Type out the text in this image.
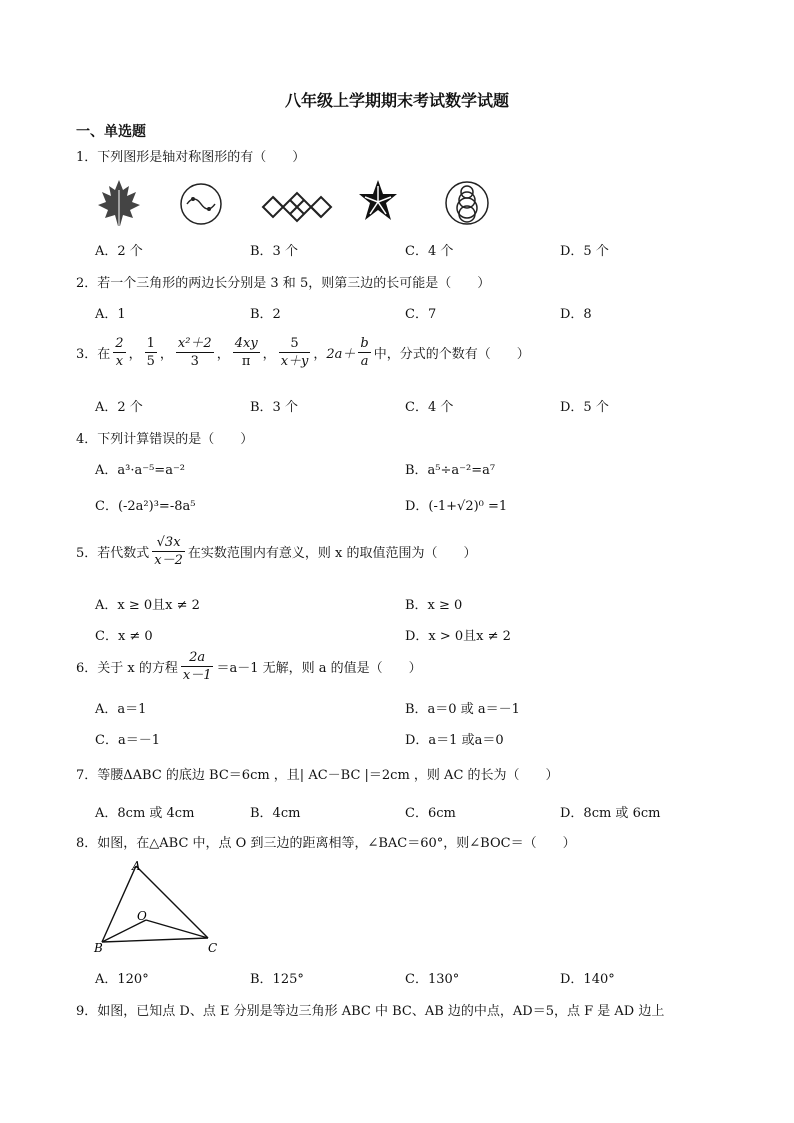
八年级上学期期末考试数学试题
一、单选题
1．下列图形是轴对称图形的有（　　）
A．2 个	B．3 个	C．4 个	D．5 个
2．若一个三角形的两边长分别是 3 和 5，则第三边的长可能是（　　）
A．1	B．2	C．7	D．8
3．在 $\frac{2}{x}$ ， $\frac{1}{5}$ ， $\frac{\text{x²＋2}}{3}$ ， $\frac{4xy}{\pi}$ ， $\frac{5}{x+y}$ ， $2a+ \frac{b}{a}$ 中，分式的个数有（　　）
A．2 个	B．3 个	C．4 个	D．5 个
4．下列计算错误的是（　　）
A．a³·a⁻⁵=a⁻²	B．a⁵÷a⁻²=a⁷
C．(-2a²)³=-8a⁵	D．(-1+√2)⁰ =1
5．若代数式 $\frac{√3x}{x-2}$ 在实数范围内有意义，则 x 的取值范围为（　　）
A．x ≥ 0且x ≠ 2	B．x ≥ 0
C．x ≠ 0	D．x > 0且x ≠ 2
6．关于 x 的方程 $\frac{2a}{x-1} =a-1$ 无解，则 a 的值是（　　）
A．a＝1	B．a＝0 或 a＝－1
C．a＝－1	D．a＝1 或a＝0
7．等腰ΔABC 的底边 BC＝6cm ，且| AC－BC |＝2cm ，则 AC 的长为（　　）
A．8cm 或 4cm	B．4cm	C．6cm	D．8cm 或 6cm
8．如图，在△ABC 中，点 O 到三边的距离相等，∠BAC＝60°，则∠BOC＝（　　）
A
B	C
O
A．120°	B．125°	C．130°	D．140°
9．如图，已知点 D、点 E 分别是等边三角形 ABC 中 BC、AB 边的中点，AD＝5，点 F 是 AD 边上
